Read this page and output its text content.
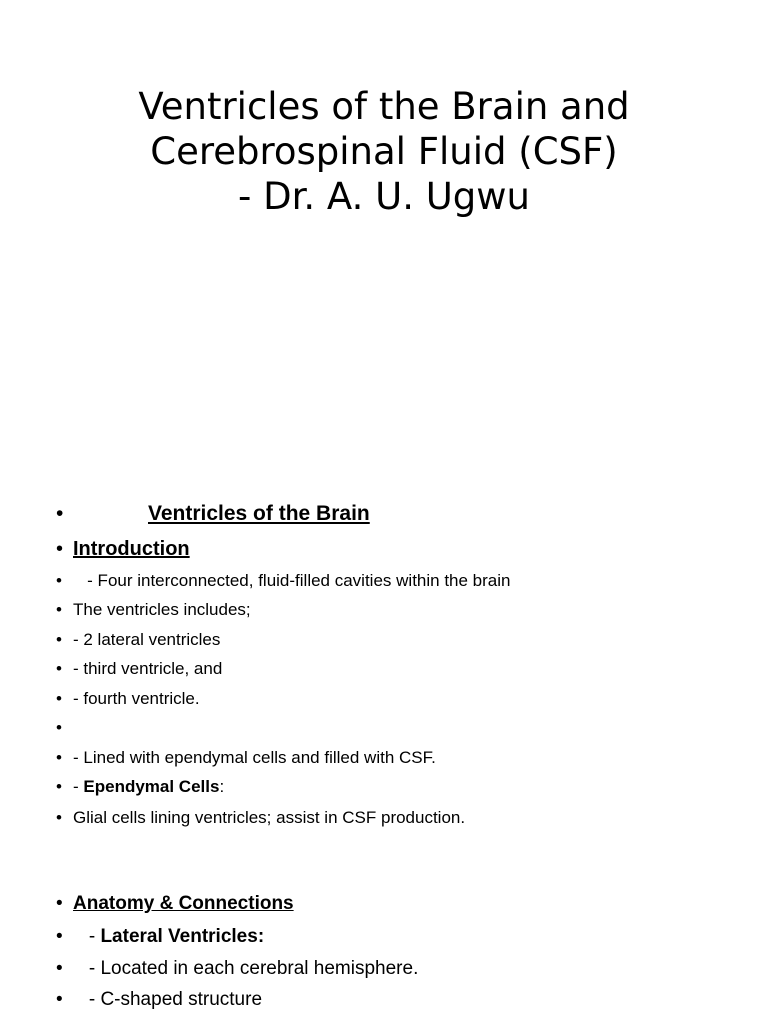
Ventricles of the Brain and
Cerebrospinal Fluid (CSF)
- Dr. A. U. Ugwu
•	Ventricles of the Brain
• Introduction
• - Four interconnected, fluid-filled cavities within the brain
• The ventricles includes;
• - 2 lateral ventricles
• - third ventricle, and
• - fourth ventricle.
•
• - Lined with ependymal cells and filled with CSF.
• - Ependymal Cells:
• Glial cells lining ventricles; assist in CSF production.
• Anatomy & Connections
• - Lateral Ventricles:
• - Located in each cerebral hemisphere.
• - C-shaped structure
